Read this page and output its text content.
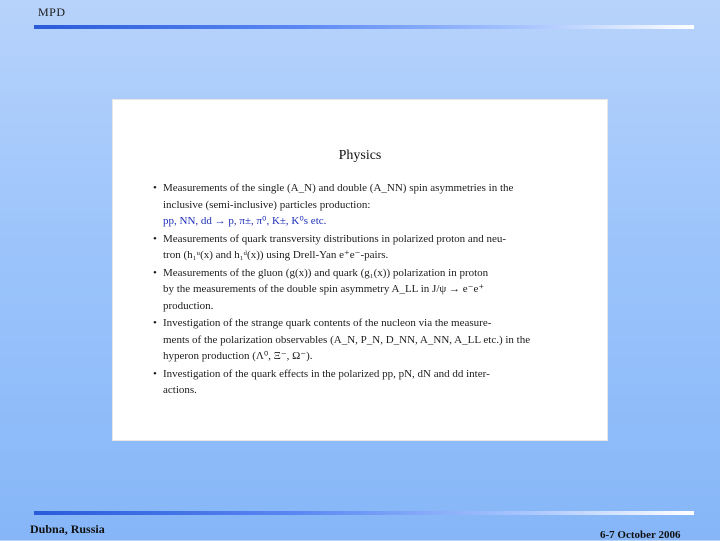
MPD
Physics
• Measurements of the single (A_N) and double (A_NN) spin asymmetries in the
inclusive (semi-inclusive) particles production:
pp, NN, dd → p, π±, π⁰, K±, K⁰s etc.
• Measurements of quark transversity distributions in polarized proton and neu-
tron (h₁ᵘ(x) and h₁ᵈ(x)) using Drell-Yan e⁺e⁻-pairs.
• Measurements of the gluon (g(x)) and quark (g₁(x)) polarization in proton
by the measurements of the double spin asymmetry A_LL in J/ψ → e⁻e⁺
production.
• Investigation of the strange quark contents of the nucleon via the measure-
ments of the polarization observables (A_N, P_N, D_NN, A_NN, A_LL etc.) in the
hyperon production (Λ⁰, Ξ⁻, Ω⁻).
• Investigation of the quark effects in the polarized pp, pN, dN and dd inter-
actions.
Dubna, Russia	6-7 October 2006
